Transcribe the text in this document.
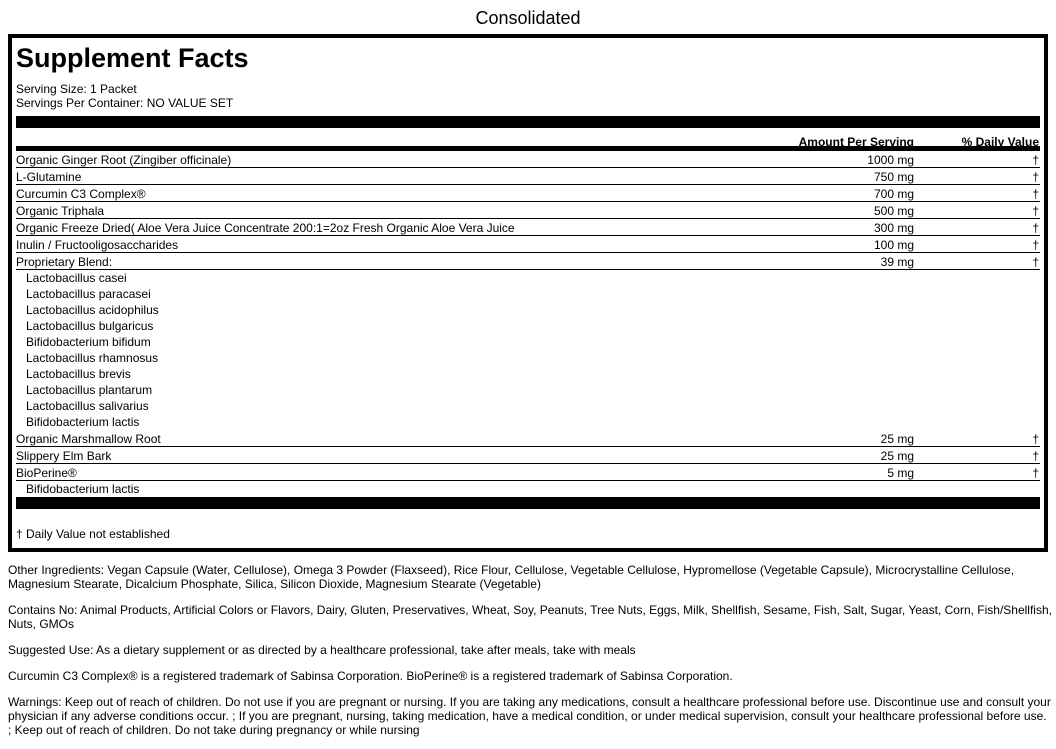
Consolidated
Supplement Facts
Serving Size: 1 Packet
Servings Per Container: NO VALUE SET
Amount Per Serving	% Daily Value
Organic Ginger Root (Zingiber officinale)	1000 mg	†
L-Glutamine	750 mg	†
Curcumin C3 Complex®	700 mg	†
Organic Triphala	500 mg	†
Organic Freeze Dried( Aloe Vera Juice Concentrate 200:1=2oz Fresh Organic Aloe Vera Juice	300 mg	†
Inulin / Fructooligosaccharides	100 mg	†
Proprietary Blend:	39 mg	†
Lactobacillus casei
Lactobacillus paracasei
Lactobacillus acidophilus
Lactobacillus bulgaricus
Bifidobacterium bifidum
Lactobacillus rhamnosus
Lactobacillus brevis
Lactobacillus plantarum
Lactobacillus salivarius
Bifidobacterium lactis
Organic Marshmallow Root	25 mg	†
Slippery Elm Bark	25 mg	†
BioPerine®	5 mg	†
Bifidobacterium lactis
† Daily Value not established
Other Ingredients: Vegan Capsule (Water, Cellulose), Omega 3 Powder (Flaxseed), Rice Flour, Cellulose, Vegetable Cellulose, Hypromellose (Vegetable Capsule), Microcrystalline Cellulose, Magnesium Stearate, Dicalcium Phosphate, Silica, Silicon Dioxide, Magnesium Stearate (Vegetable)
Contains No: Animal Products, Artificial Colors or Flavors, Dairy, Gluten, Preservatives, Wheat, Soy, Peanuts, Tree Nuts, Eggs, Milk, Shellfish, Sesame, Fish, Salt, Sugar, Yeast, Corn, Fish/Shellfish, Nuts, GMOs
Suggested Use: As a dietary supplement or as directed by a healthcare professional, take after meals, take with meals
Curcumin C3 Complex® is a registered trademark of Sabinsa Corporation. BioPerine® is a registered trademark of Sabinsa Corporation.
Warnings: Keep out of reach of children. Do not use if you are pregnant or nursing. If you are taking any medications, consult a healthcare professional before use. Discontinue use and consult your physician if any adverse conditions occur. ; If you are pregnant, nursing, taking medication, have a medical condition, or under medical supervision, consult your healthcare professional before use. ; Keep out of reach of children. Do not take during pregnancy or while nursing
